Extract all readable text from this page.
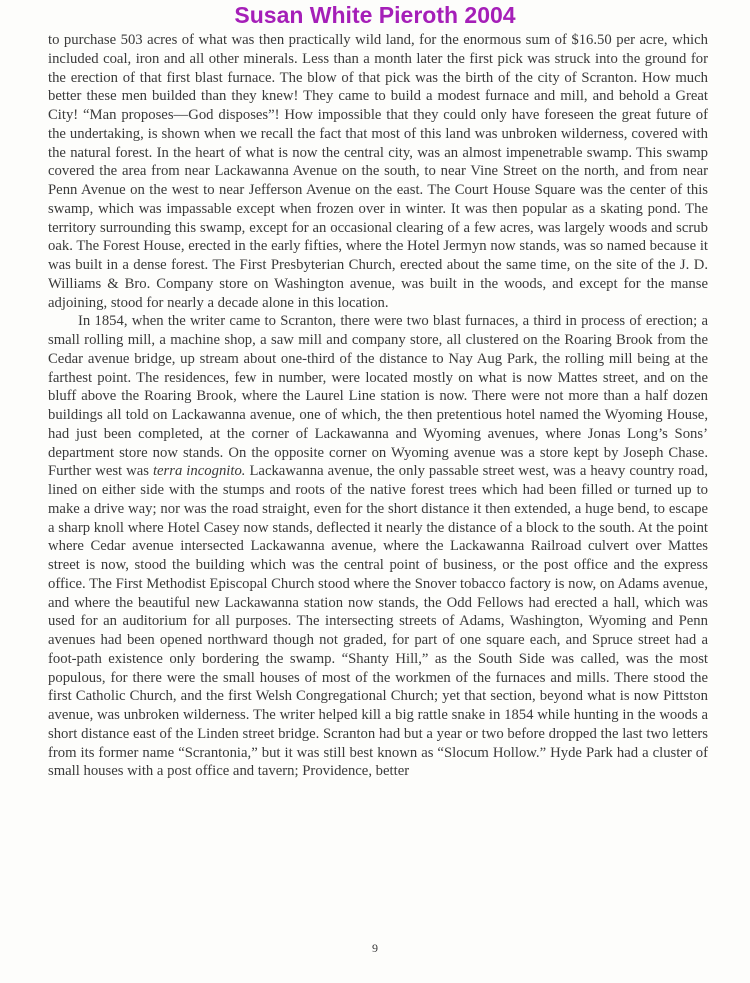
Susan White Pieroth 2004

to purchase 503 acres of what was then practically wild land, for the enormous sum of $16.50 per acre, which included coal, iron and all other minerals. Less than a month later the first pick was struck into the ground for the erection of that first blast furnace. The blow of that pick was the birth of the city of Scranton. How much better these men builded than they knew! They came to build a modest furnace and mill, and behold a Great City! “Man proposes—God disposes”! How impossible that they could only have foreseen the great future of the undertaking, is shown when we recall the fact that most of this land was unbroken wilderness, covered with the natural forest. In the heart of what is now the central city, was an almost impenetrable swamp. This swamp covered the area from near Lackawanna Avenue on the south, to near Vine Street on the north, and from near Penn Avenue on the west to near Jefferson Avenue on the east. The Court House Square was the center of this swamp, which was impassable except when frozen over in winter. It was then popular as a skating pond. The territory surrounding this swamp, except for an occasional clearing of a few acres, was largely woods and scrub oak. The Forest House, erected in the early fifties, where the Hotel Jermyn now stands, was so named because it was built in a dense forest. The First Presbyterian Church, erected about the same time, on the site of the J. D. Williams & Bro. Company store on Washington avenue, was built in the woods, and except for the manse adjoining, stood for nearly a decade alone in this location.

In 1854, when the writer came to Scranton, there were two blast furnaces, a third in process of erection; a small rolling mill, a machine shop, a saw mill and company store, all clustered on the Roaring Brook from the Cedar avenue bridge, up stream about one-third of the distance to Nay Aug Park, the rolling mill being at the farthest point. The residences, few in number, were located mostly on what is now Mattes street, and on the bluff above the Roaring Brook, where the Laurel Line station is now. There were not more than a half dozen buildings all told on Lackawanna avenue, one of which, the then pretentious hotel named the Wyoming House, had just been completed, at the corner of Lackawanna and Wyoming avenues, where Jonas Long’s Sons’ department store now stands. On the opposite corner on Wyoming avenue was a store kept by Joseph Chase. Further west was terra incognito. Lackawanna avenue, the only passable street west, was a heavy country road, lined on either side with the stumps and roots of the native forest trees which had been filled or turned up to make a drive way; nor was the road straight, even for the short distance it then extended, a huge bend, to escape a sharp knoll where Hotel Casey now stands, deflected it nearly the distance of a block to the south. At the point where Cedar avenue intersected Lackawanna avenue, where the Lackawanna Railroad culvert over Mattes street is now, stood the building which was the central point of business, or the post office and the express office. The First Methodist Episcopal Church stood where the Snover tobacco factory is now, on Adams avenue, and where the beautiful new Lackawanna station now stands, the Odd Fellows had erected a hall, which was used for an auditorium for all purposes. The intersecting streets of Adams, Washington, Wyoming and Penn avenues had been opened northward though not graded, for part of one square each, and Spruce street had a foot-path existence only bordering the swamp. “Shanty Hill,” as the South Side was called, was the most populous, for there were the small houses of most of the workmen of the furnaces and mills. There stood the first Catholic Church, and the first Welsh Congregational Church; yet that section, beyond what is now Pittston avenue, was unbroken wilderness. The writer helped kill a big rattle snake in 1854 while hunting in the woods a short distance east of the Linden street bridge. Scranton had but a year or two before dropped the last two letters from its former name “Scrantonia,” but it was still best known as “Slocum Hollow.” Hyde Park had a cluster of small houses with a post office and tavern; Providence, better

9
